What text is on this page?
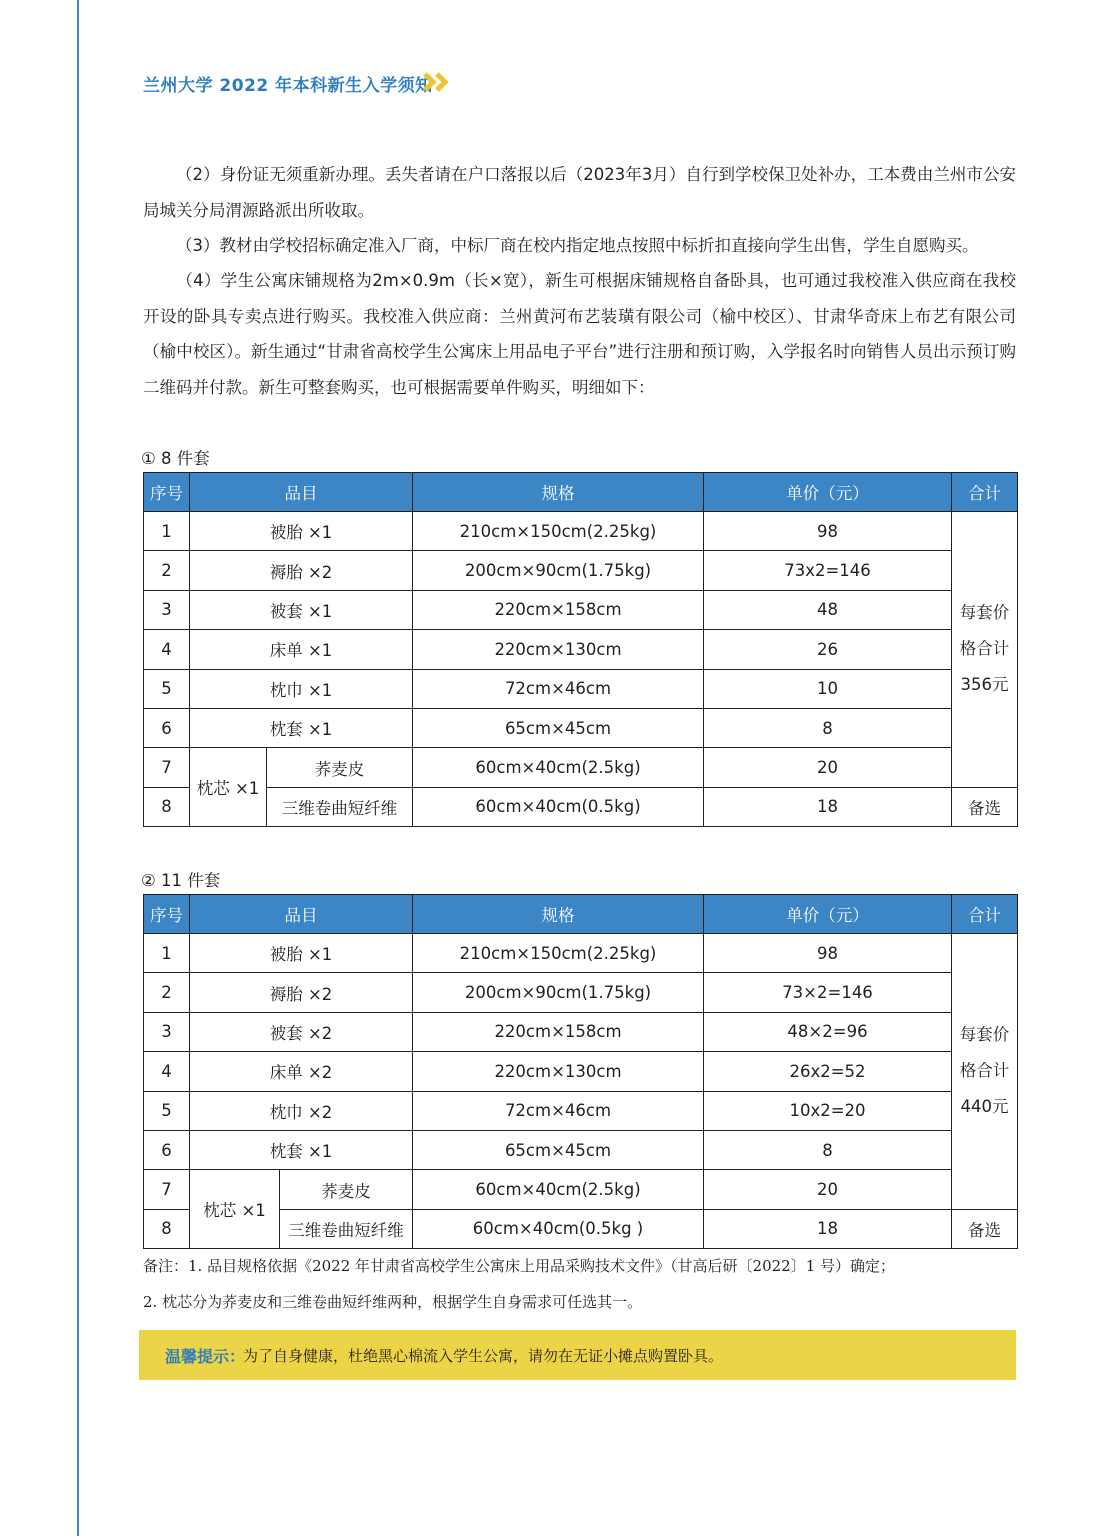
兰州大学 2022 年本科新生入学须知

（2）身份证无须重新办理。丢失者请在户口落报以后（2023年3月）自行到学校保卫处补办，工本费由兰州市公安局城关分局渭源路派出所收取。

（3）教材由学校招标确定准入厂商，中标厂商在校内指定地点按照中标折扣直接向学生出售，学生自愿购买。

（4）学生公寓床铺规格为2m×0.9m（长×宽），新生可根据床铺规格自备卧具，也可通过我校准入供应商在我校开设的卧具专卖点进行购买。我校准入供应商：兰州黄河布艺装璜有限公司（榆中校区）、甘肃华奇床上布艺有限公司（榆中校区）。新生通过“甘肃省高校学生公寓床上用品电子平台”进行注册和预订购，入学报名时向销售人员出示预订购二维码并付款。新生可整套购买，也可根据需要单件购买，明细如下：

① 8 件套
序号	品目		规格	单价（元）	合计
1	被胎 ×1		210cm×150cm(2.25kg)	98	每套价
格合计
356元
2	褥胎 ×2		200cm×90cm(1.75kg)	73x2=146	
3	被套 ×1		220cm×158cm	48	
4	床单 ×1		220cm×130cm	26	
5	枕巾 ×1		72cm×46cm	10	
6	枕套 ×1		65cm×45cm	8	
7	枕芯 ×1	荞麦皮	60cm×40cm(2.5kg)	20	
8		三维卷曲短纤维	60cm×40cm(0.5kg)	18	备选
② 11 件套
序号	品目		规格	单价（元）	合计
1	被胎 ×1		210cm×150cm(2.25kg)	98	每套价
格合计
440元
2	褥胎 ×2		200cm×90cm(1.75kg)	73×2=146	
3	被套 ×2		220cm×158cm	48×2=96	
4	床单 ×2		220cm×130cm	26x2=52	
5	枕巾 ×2		72cm×46cm	10x2=20	
6	枕套 ×1		65cm×45cm	8	
7	枕芯 ×1	荞麦皮	60cm×40cm(2.5kg)	20	
8		三维卷曲短纤维	60cm×40cm(0.5kg )	18	备选
备注：1. 品目规格依据《2022 年甘肃省高校学生公寓床上用品采购技术文件》（甘高后研〔2022〕1 号）确定；
2. 枕芯分为荞麦皮和三维卷曲短纤维两种，根据学生自身需求可任选其一。
温馨提示：
为了自身健康，杜绝黑心棉流入学生公寓，请勿在无证小摊点购置卧具。
